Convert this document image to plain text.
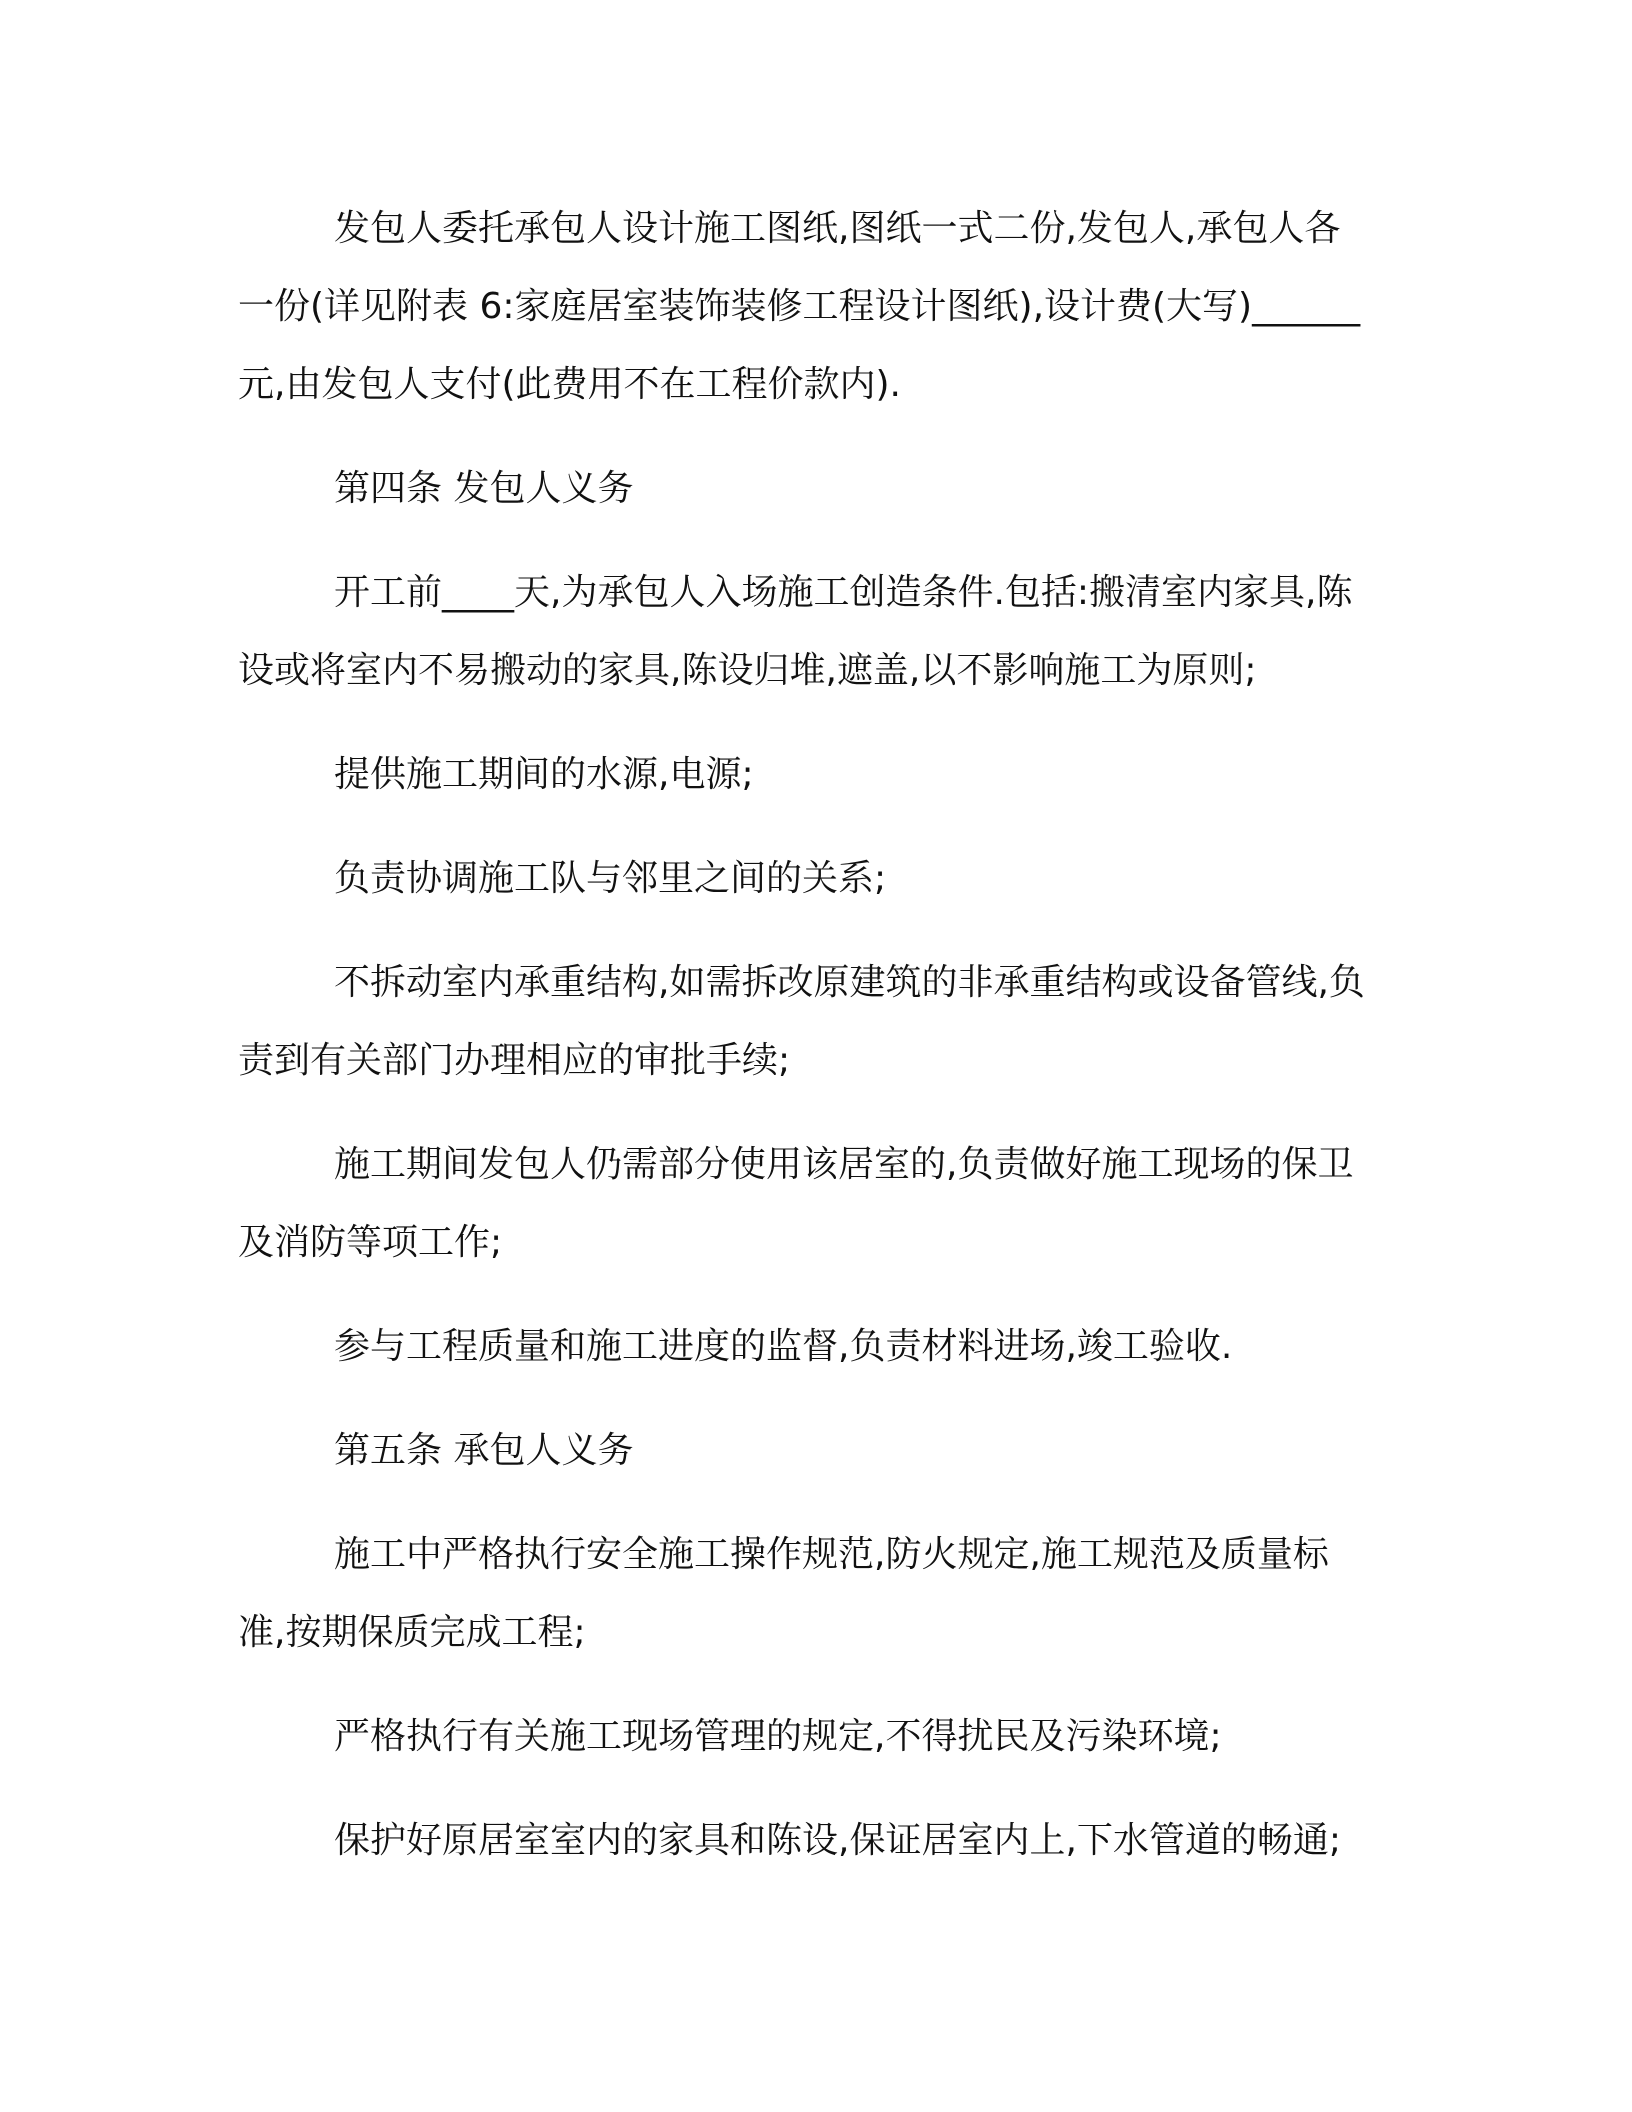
发包人委托承包人设计施工图纸,图纸一式二份,发包人,承包人各一份(详见附表 6:家庭居室装饰装修工程设计图纸),设计费(大写)______元,由发包人支付(此费用不在工程价款内).

第四条 发包人义务

开工前____天,为承包人入场施工创造条件.包括:搬清室内家具,陈设或将室内不易搬动的家具,陈设归堆,遮盖,以不影响施工为原则;

提供施工期间的水源,电源;

负责协调施工队与邻里之间的关系;

不拆动室内承重结构,如需拆改原建筑的非承重结构或设备管线,负责到有关部门办理相应的审批手续;

施工期间发包人仍需部分使用该居室的,负责做好施工现场的保卫及消防等项工作;

参与工程质量和施工进度的监督,负责材料进场,竣工验收.

第五条 承包人义务

施工中严格执行安全施工操作规范,防火规定,施工规范及质量标准,按期保质完成工程;

严格执行有关施工现场管理的规定,不得扰民及污染环境;

保护好原居室室内的家具和陈设,保证居室内上,下水管道的畅通;
